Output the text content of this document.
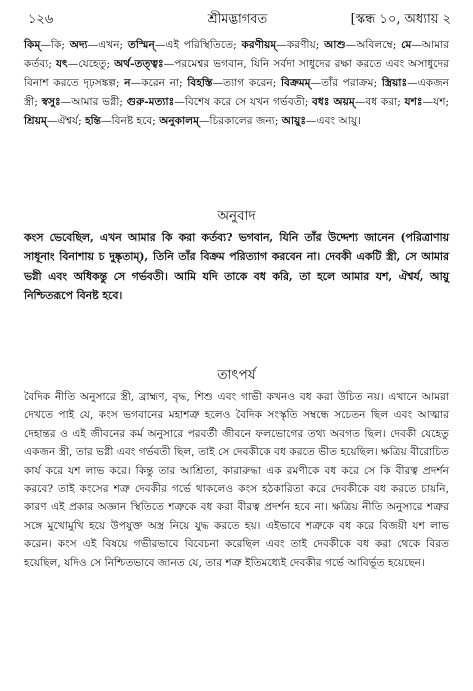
১২৬	শ্রীমদ্ভাগবত	[স্কন্ধ ১০, অধ্যায় ২
কিম্—কি; অদ্য—এখন; তস্মিন্—এই পরিস্থিতিতে; করণীয়ম্—করণীয়; আশু—অবিলম্বে; মে—আমার কর্তব্য; যৎ—যেহেতু; অর্থ-তত্ত্বঃ—পরমেশ্বর ভগবান, যিনি সর্বদা সাধুদের রক্ষা করতে এবং অসাধুদের বিনাশ করতে দৃঢ়সঙ্কল্প; ন—করেন না; বিহস্তি—ত্যাগ করেন; বিক্রমম্—তাঁর পরাক্রম; স্ত্রিয়াঃ—একজন স্ত্রী; স্বসুঃ—আমার ভগ্নী; গুরু-মত্যাঃ—বিশেষ করে সে যখন গর্ভবতী; বধঃ অয়ম্—বধ করা; যশঃ—যশ; শ্রিয়ম্—ঐশ্বর্য; হন্তি—বিনষ্ট হবে; অনুকালম্—চিরকালের জন্য; আয়ুঃ—এবং আয়ু।
অনুবাদ

কংস ভেবেছিল, এখন আমার কি করা কর্তব্য? ভগবান, যিনি তাঁর উদ্দেশ্য জানেন (পরিত্রাণায় সাধূনাং বিনাশায় চ দুষ্কৃতাম্), তিনি তাঁর বিক্রম পরিত্যাগ করবেন না। দেবকী একটি স্ত্রী, সে আমার ভগ্নী এবং অধিকন্তু সে গর্ভবতী। আমি যদি তাকে বধ করি, তা হলে আমার যশ, ঐশ্বর্য, আয়ু নিশ্চিতরূপে বিনষ্ট হবে।

তাৎপর্য

বৈদিক নীতি অনুসারে স্ত্রী, ব্রাহ্মণ, বৃদ্ধ, শিশু এবং গাভী কখনও বধ করা উচিত নয়। এখানে আমরা দেখতে পাই যে, কংস ভগবানের মহাশত্রু হলেও বৈদিক সংস্কৃতি সম্বন্ধে সচেতন ছিল এবং আত্মার দেহান্তর ও এই জীবনের কর্ম অনুসারে পরবর্তী জীবনে ফলভোগের তথ্য অবগত ছিল। দেবকী যেহেতু একজন স্ত্রী, তার ভগ্নী এবং গর্ভবতী ছিল, তাই সে দেবকীকে বধ করতে ভীত হয়েছিল। ক্ষত্রিয় বীরোচিত কার্য করে যশ লাভ করে। কিন্তু তার আশ্রিতা, কারারুদ্ধা এক রমণীকে বধ করে সে কি বীরত্ব প্রদর্শন করবে? তাই কংসের শত্রু দেবকীর গর্ভে থাকলেও কংস হঠকারিতা করে দেবকীকে বধ করতে চায়নি, কারণ এই প্রকার অজ্ঞান স্থিতিতে শত্রুকে বধ করা বীরত্ব প্রদর্শন হবে না। ক্ষত্রিয় নীতি অনুসারে শত্রুর সঙ্গে মুখোমুখি হয়ে উপযুক্ত অস্ত্র নিয়ে যুদ্ধ করতে হয়। এইভাবে শত্রুকে বধ করে বিজয়ী যশ লাভ করেন। কংস এই বিষয়ে গভীরভাবে বিবেচনা করেছিল এবং তাই দেবকীকে বধ করা থেকে বিরত হয়েছিল, যদিও সে নিশ্চিতভাবে জানত যে, তার শত্রু ইতিমধ্যেই দেবকীর গর্ভে আবির্ভূত হয়েছেন।
